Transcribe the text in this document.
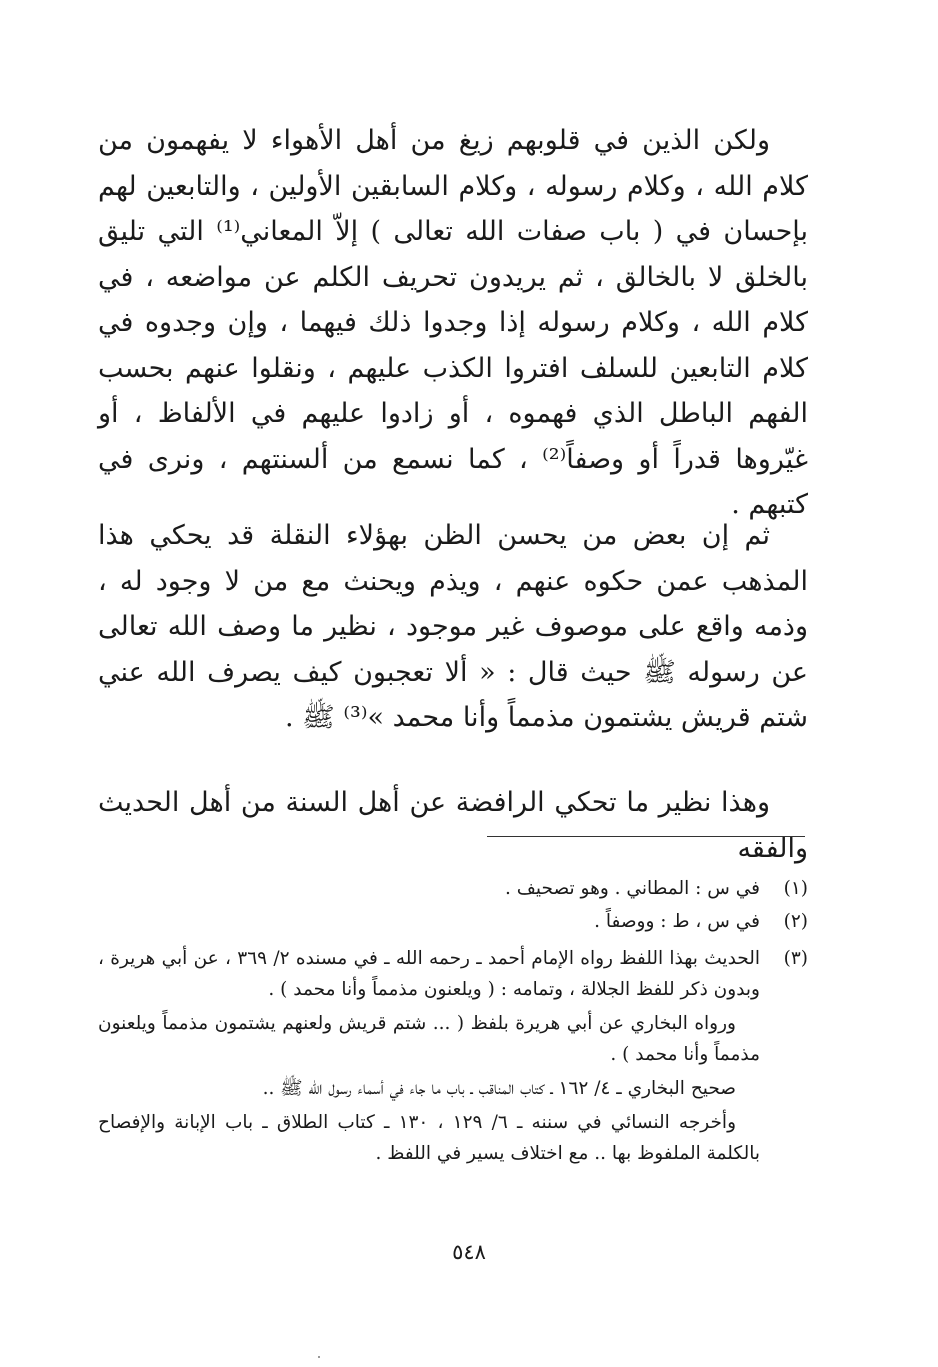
ولكن الذين في قلوبهم زيغ من أهل الأهواء لا يفهمون من كلام الله ، وكلام رسوله ، وكلام السابقين الأولين ، والتابعين لهم بإحسان في ( باب صفات الله تعالى ) إلاّ المعاني⁽¹⁾ التي تليق بالخلق لا بالخالق ، ثم يريدون تحريف الكلم عن مواضعه ، في كلام الله ، وكلام رسوله إذا وجدوا ذلك فيهما ، وإن وجدوه في كلام التابعين للسلف افتروا الكذب عليهم ، ونقلوا عنهم بحسب الفهم الباطل الذي فهموه ، أو زادوا عليهم في الألفاظ ، أو غيّروها قدراً أو وصفاً⁽²⁾ ، كما نسمع من ألسنتهم ، ونرى في كتبهم .

ثم إن بعض من يحسن الظن بهؤلاء النقلة قد يحكي هذا المذهب عمن حكوه عنهم ، ويذم ويحنث مع من لا وجود له ، وذمه واقع على موصوف غير موجود ، نظير ما وصف الله تعالى عن رسوله ﷺ حيث قال : « ألا تعجبون كيف يصرف الله عني شتم قريش يشتمون مذمماً وأنا محمد »⁽³⁾ ﷺ .

وهذا نظير ما تحكي الرافضة عن أهل السنة من أهل الحديث والفقه

(١)
في س : المطاني . وهو تصحيف .
(٢)
في س ، ط : ووصفاً .
(٣)
الحديث بهذا اللفظ رواه الإمام أحمد ـ رحمه الله ـ في مسنده ٢/ ٣٦٩ ، عن أبي هريرة ، وبدون ذكر للفظ الجلالة ، وتمامه : ( ويلعنون مذمماً وأنا محمد ) .
ورواه البخاري عن أبي هريرة بلفظ ( ... شتم قريش ولعنهم يشتمون مذمماً ويلعنون مذمماً وأنا محمد ) .
صحيح البخاري ـ ٤/ ١٦٢ ـ كتاب المناقب ـ باب ما جاء في أسماء رسول الله ﷺ ..
وأخرجه النسائي في سننه ـ ٦/ ١٢٩ ، ١٣٠ ـ كتاب الطلاق ـ باب الإبانة والإفصاح بالكلمة الملفوظ بها .. مع اختلاف يسير في اللفظ .
٥٤٨
